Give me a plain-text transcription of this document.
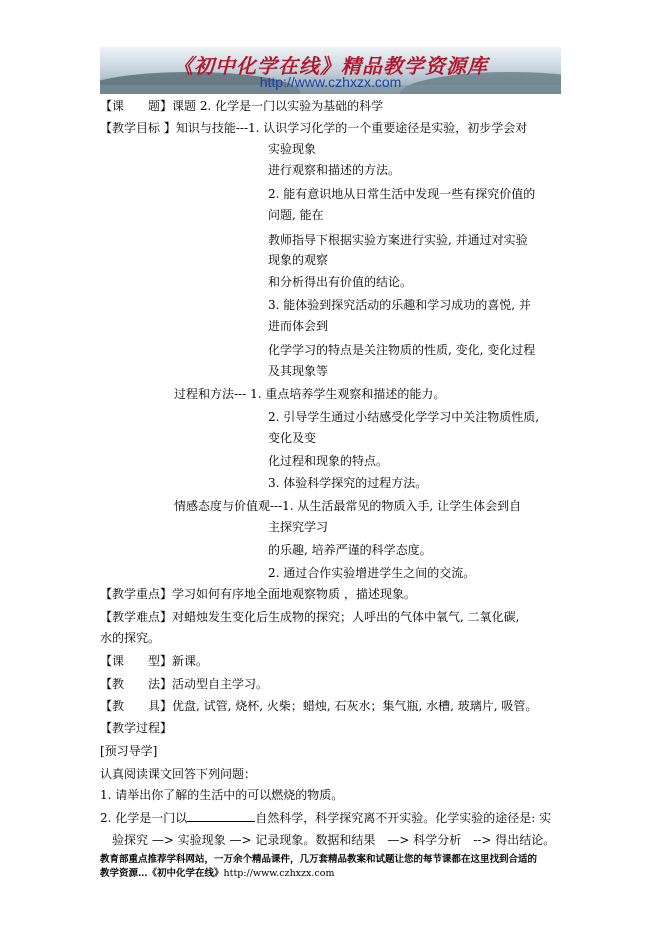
《初中化学在线》精品教学资源库
http://www.czhxzx.com
【课　　题】课题 2. 化学是一门以实验为基础的科学
【教学目标 】知识与技能---1. 认识学习化学的一个重要途径是实验，初步学会对
实验现象
进行观察和描述的方法。
2. 能有意识地从日常生活中发现一些有探究价值的
问题, 能在
教师指导下根据实验方案进行实验, 并通过对实验
现象的观察
和分析得出有价值的结论。
3. 能体验到探究活动的乐趣和学习成功的喜悦, 并
进而体会到
化学学习的特点是关注物质的性质, 变化, 变化过程
及其现象等
过程和方法--- 1. 重点培养学生观察和描述的能力。
2. 引导学生通过小结感受化学学习中关注物质性质,
变化及变
化过程和现象的特点。
3. 体验科学探究的过程方法。
情感态度与价值观---1. 从生活最常见的物质入手, 让学生体会到自
主探究学习
的乐趣, 培养严谨的科学态度。
2. 通过合作实验增进学生之间的交流。
【教学重点】学习如何有序地全面地观察物质 ，描述现象。
【教学难点】对蜡烛发生变化后生成物的探究；人呼出的气体中氧气, 二氧化碳,
水的探究。
【课　　型】新课。
【教　　法】活动型自主学习。
【教　　具】优盘, 试管, 烧杯, 火柴；蜡烛, 石灰水；集气瓶, 水槽, 玻璃片, 吸管。
【教学过程】
[预习导学]
认真阅读课文回答下列问题：
1. 请举出你了解的生活中的可以燃烧的物质。
2. 化学是一门以	自然科学，科学探究离不开实验。化学实验的途径是: 实
验探究 —> 实验现象 —> 记录现象。数据和结果　—> 科学分析　--> 得出结论。
教育部重点推荐学科网站，一万余个精品课件，几万套精品教案和试题让您的每节课都在这里找到合适的
教学资源…《初中化学在线》http://www.czhxzx.com
